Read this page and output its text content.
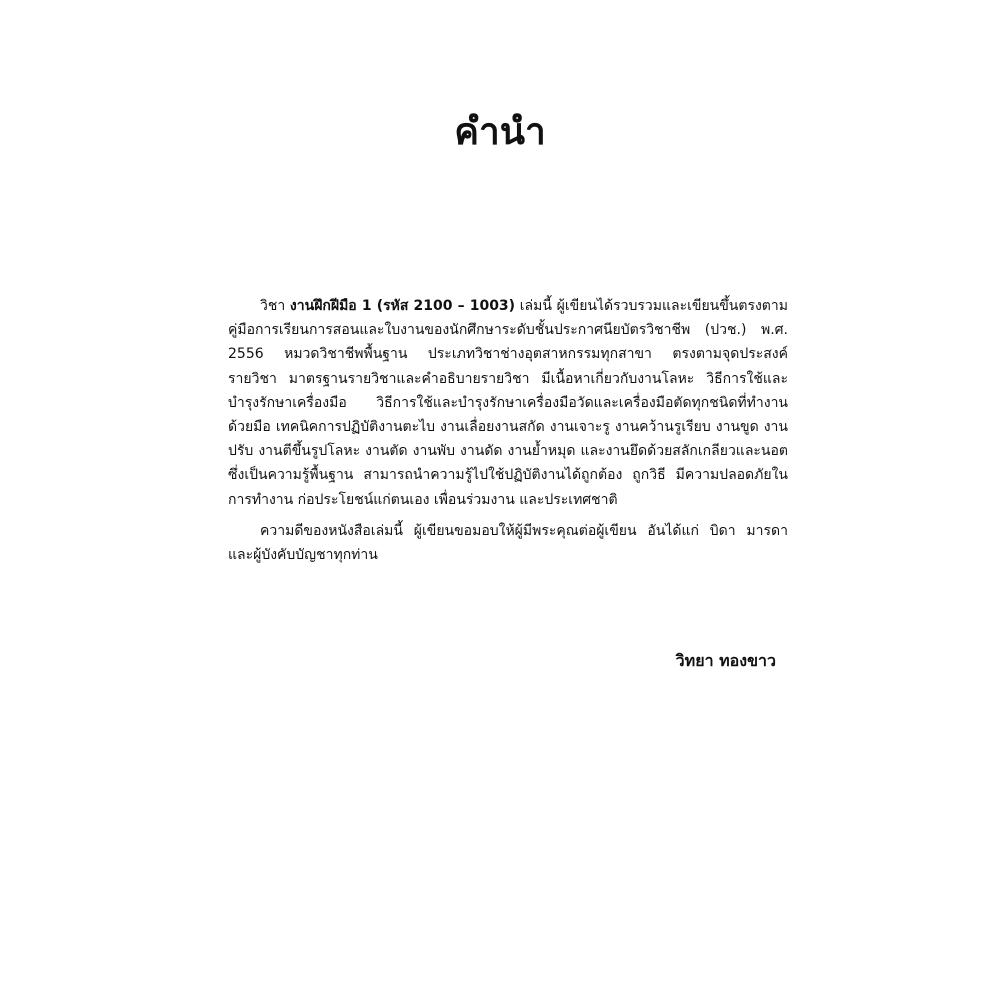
คำนำ

วิชา งานฝึกฝีมือ 1 (รหัส 2100 – 1003) เล่มนี้ ผู้เขียนได้รวบรวมและเขียนขึ้นตรงตามคู่มือการเรียนการสอนและใบงานของนักศึกษาระดับชั้นประกาศนียบัตรวิชาชีพ (ปวช.) พ.ศ. 2556 หมวดวิชาชีพพื้นฐาน ประเภทวิชาช่างอุตสาหกรรมทุกสาขา ตรงตามจุดประสงค์รายวิชา มาตรฐานรายวิชาและคำอธิบายรายวิชา มีเนื้อหาเกี่ยวกับงานโลหะ วิธีการใช้และบำรุงรักษาเครื่องมือ วิธีการใช้และบำรุงรักษาเครื่องมือวัดและเครื่องมือตัดทุกชนิดที่ทำงานด้วยมือ เทคนิคการปฏิบัติงานตะไบ งานเลื่อยงานสกัด งานเจาะรู งานคว้านรูเรียบ งานขูด งานปรับ งานตีขึ้นรูปโลหะ งานตัด งานพับ งานดัด งานย้ำหมุด และงานยึดด้วยสลักเกลียวและนอต ซึ่งเป็นความรู้พื้นฐาน สามารถนำความรู้ไปใช้ปฏิบัติงานได้ถูกต้อง ถูกวิธี มีความปลอดภัยในการทำงาน ก่อประโยชน์แก่ตนเอง เพื่อนร่วมงาน และประเทศชาติ

ความดีของหนังสือเล่มนี้ ผู้เขียนขอมอบให้ผู้มีพระคุณต่อผู้เขียน อันได้แก่ บิดา มารดา และผู้บังคับบัญชาทุกท่าน

วิทยา ทองขาว
